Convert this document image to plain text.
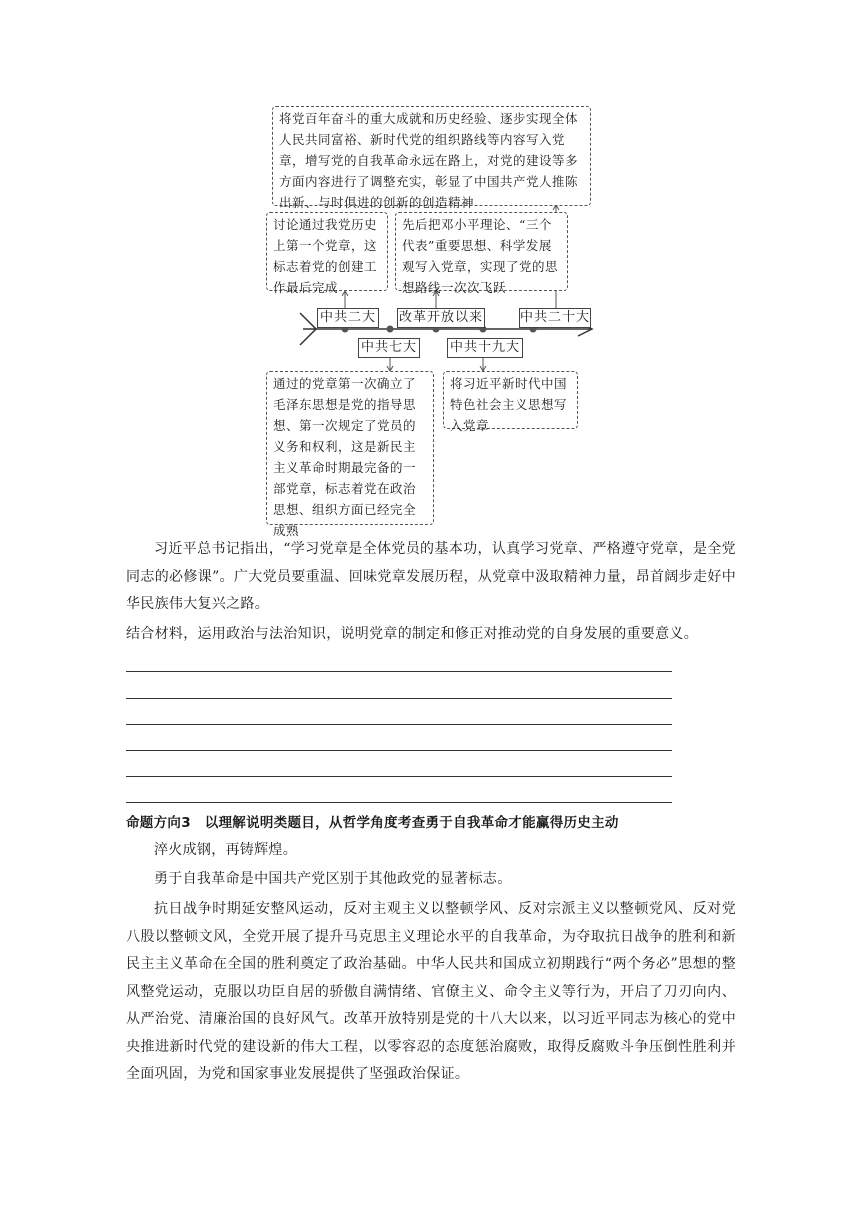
将党百年奋斗的重大成就和历史经验、逐步实现全体人民共同富裕、新时代党的组织路线等内容写入党章，增写党的自我革命永远在路上，对党的建设等多方面内容进行了调整充实，彰显了中国共产党人推陈出新、与时俱进的创新的创造精神
讨论通过我党历史上第一个党章，这标志着党的创建工作最后完成
先后把邓小平理论、“三个代表”重要思想、科学发展观写入党章，实现了党的思想路线一次次飞跃
中共二大 改革开放以来	中共二十大
中共七大	中共十九大
通过的党章第一次确立了毛泽东思想是党的指导思想、第一次规定了党员的义务和权利，这是新民主主义革命时期最完备的一部党章，标志着党在政治思想、组织方面已经完全成熟
将习近平新时代中国特色社会主义思想写入党章
习近平总书记指出，“学习党章是全体党员的基本功，认真学习党章、严格遵守党章，是全党同志的必修课”。广大党员要重温、回味党章发展历程，从党章中汲取精神力量，昂首阔步走好中华民族伟大复兴之路。
结合材料，运用政治与法治知识，说明党章的制定和修正对推动党的自身发展的重要意义。
命题方向3　以理解说明类题目，从哲学角度考查勇于自我革命才能赢得历史主动
淬火成钢，再铸辉煌。
勇于自我革命是中国共产党区别于其他政党的显著标志。
抗日战争时期延安整风运动，反对主观主义以整顿学风、反对宗派主义以整顿党风、反对党八股以整顿文风，全党开展了提升马克思主义理论水平的自我革命，为夺取抗日战争的胜利和新民主主义革命在全国的胜利奠定了政治基础。中华人民共和国成立初期践行“两个务必”思想的整风整党运动，克服以功臣自居的骄傲自满情绪、官僚主义、命令主义等行为，开启了刀刃向内、从严治党、清廉治国的良好风气。改革开放特别是党的十八大以来，以习近平同志为核心的党中央推进新时代党的建设新的伟大工程，以零容忍的态度惩治腐败，取得反腐败斗争压倒性胜利并全面巩固，为党和国家事业发展提供了坚强政治保证。
